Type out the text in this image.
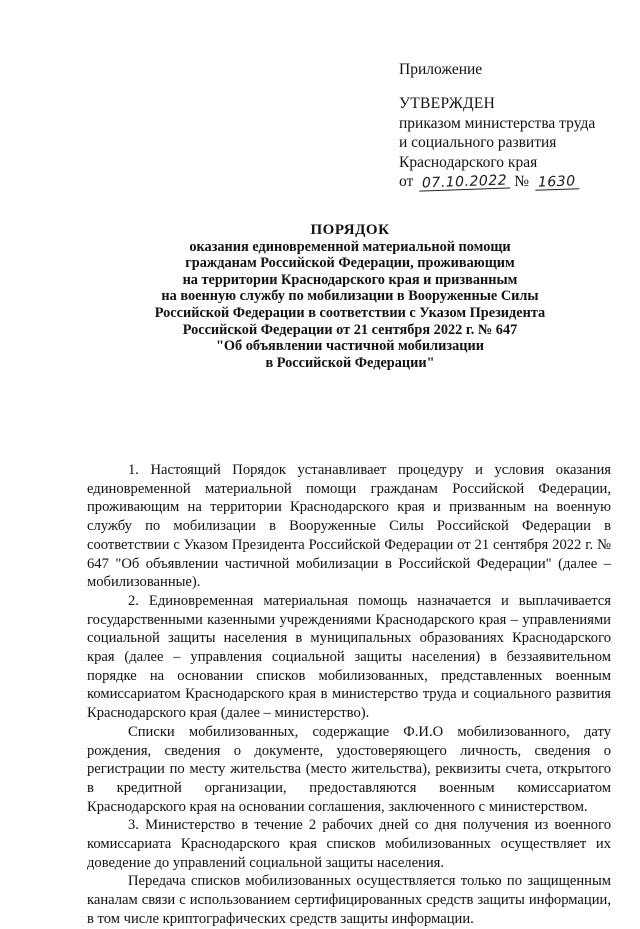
Приложение
УТВЕРЖДЕН
приказом министерства труда
и социального развития
Краснодарского края
от 07.10.2022 № 1630
ПОРЯДОК
оказания единовременной материальной помощи
гражданам Российской Федерации, проживающим
на территории Краснодарского края и призванным
на военную службу по мобилизации в Вооруженные Силы
Российской Федерации в соответствии с Указом Президента
Российской Федерации от 21 сентября 2022 г. № 647
"Об объявлении частичной мобилизации
в Российской Федерации"

1. Настоящий Порядок устанавливает процедуру и условия оказания единовременной материальной помощи гражданам Российской Федерации, проживающим на территории Краснодарского края и призванным на военную службу по мобилизации в Вооруженные Силы Российской Федерации в соответствии с Указом Президента Российской Федерации от 21 сентября 2022 г. № 647 "Об объявлении частичной мобилизации в Российской Федерации" (далее – мобилизованные).

2. Единовременная материальная помощь назначается и выплачивается государственными казенными учреждениями Краснодарского края – управлениями социальной защиты населения в муниципальных образованиях Краснодарского края (далее – управления социальной защиты населения) в беззаявительном порядке на основании списков мобилизованных, представленных военным комиссариатом Краснодарского края в министерство труда и социального развития Краснодарского края (далее – министерство).

Списки мобилизованных, содержащие Ф.И.О мобилизованного, дату рождения, сведения о документе, удостоверяющего личность, сведения о регистрации по месту жительства (место жительства), реквизиты счета, открытого в кредитной организации, предоставляются военным комиссариатом Краснодарского края на основании соглашения, заключенного с министерством.

3. Министерство в течение 2 рабочих дней со дня получения из военного комиссариата Краснодарского края списков мобилизованных осуществляет их доведение до управлений социальной защиты населения.

Передача списков мобилизованных осуществляется только по защищенным каналам связи с использованием сертифицированных средств защиты информации, в том числе криптографических средств защиты информации.
